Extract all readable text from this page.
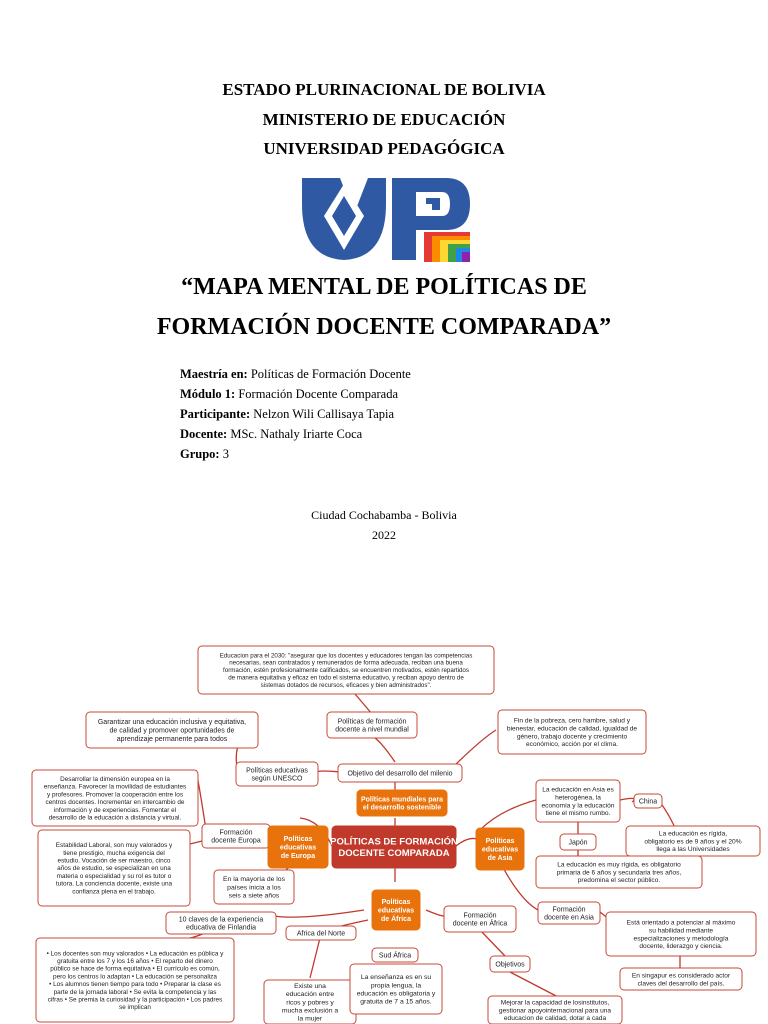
ESTADO PLURINACIONAL DE BOLIVIA
MINISTERIO DE EDUCACIÓN
UNIVERSIDAD PEDAGÓGICA
“MAPA MENTAL DE POLÍTICAS DE
FORMACIÓN DOCENTE COMPARADA”
Maestría en: Políticas de Formación Docente
Módulo 1: Formación Docente Comparada
Participante: Nelzon Wili Callisaya Tapia
Docente: MSc. Nathaly Iriarte Coca
Grupo: 3
Ciudad Cochabamba - Bolivia
2022
Educacion para el 2030: "asegurar que los docentes y educadores tengan las competencias
necesarias, sean contratados y remunerados de forma adecuada, reciban una buena
formación, estén profesionalmente calificados, se encuentren motivados, estén repartidos
de manera equitativa y eficaz en todo el sistema educativo, y reciban apoyo dentro de
sistemas dotados de recursos, eficaces y bien administrados".
Políticas de formación
docente a nivel mundial
Garantizar una educación inclusiva y equitativa,
de calidad y promover oportunidades de
aprendizaje permanente para todos
Fin de la pobreza, cero hambre, salud y
bienestar, educación de calidad, igualdad de
género, trabajo docente y crecimiento
económico, acción por el clima.
Políticas educativas
según UNESCO
Objetivo del desarrollo del milenio
Políticas mundiales para
el desarrollo sostenible
Desarrollar la dimensión europea en la
enseñanza. Favorecer la movilidad de estudiantes
y profesores. Promover la cooperación entre los
centros docentes. Incrementar en intercambio de
información y de experiencias. Fomentar el
desarrollo de la educación a distancia y virtual.
Estabilidad Laboral, son muy valorados y
tiene prestigio, mucha exigencia del
estudio. Vocación de ser maestro, cinco
años de estudio, se especializan en una
materia o especialidad y su rol es tutor o
tutora. La conciencia docente, existe una
confianza plena en el trabajo.
Formación
docente Europa	Políticas
educativas
de Europa
En la mayoría de los
países inicia a los
seis a siete años
POLÍTICAS DE FORMACIÓN
DOCENTE COMPARADA
La educación en Asia es
heterogénea, la
economía y la educación
tiene el mismo rumbo.
China
La educación es rígida,
obligatorio es de 9 años y el 20%
llega a las Universidades
Japón
La educación es muy rígida, es obligatorio
primaria de 6 años y secundaria tres años,
predomina el sector público.
Políticas
educativas
de Asia
Formación
docente en Asia
Está orientado a potenciar al máximo
su habilidad mediante
especializaciones y metodología
docente, liderazgo y ciencia.
En singapur es considerado actor
claves del desarrollo del país.
Políticas
educativas
de África
10 claves de la experiencia
educativa de Finlandia
Africa del Norte
Formación
docente en África
• Los docentes son muy valorados • La educación es pública y
gratuita entre los 7 y los 16 años • El reparto del dinero
público se hace de forma equitativa • El currículo es común,
pero los centros lo adaptan • La educación se personaliza
• Los alumnos tienen tiempo para todo • Preparar la clase es
parte de la jornada laboral • Se evita la competencia y las
cifras • Se premia la curiosidad y la participación • Los padres
se implican
Sud África
Objetivos
Existe una
educación entre
ricos y pobres y
mucha exclusión a
la mujer
La enseñanza es en su
propia lengua, la
educación es obligatoria y
gratuita de 7 a 15 años.	Mejorar la capacidad de losinstitutos,
gestionar apoyointernacional para una
educacion de calidad, dotar a cada
